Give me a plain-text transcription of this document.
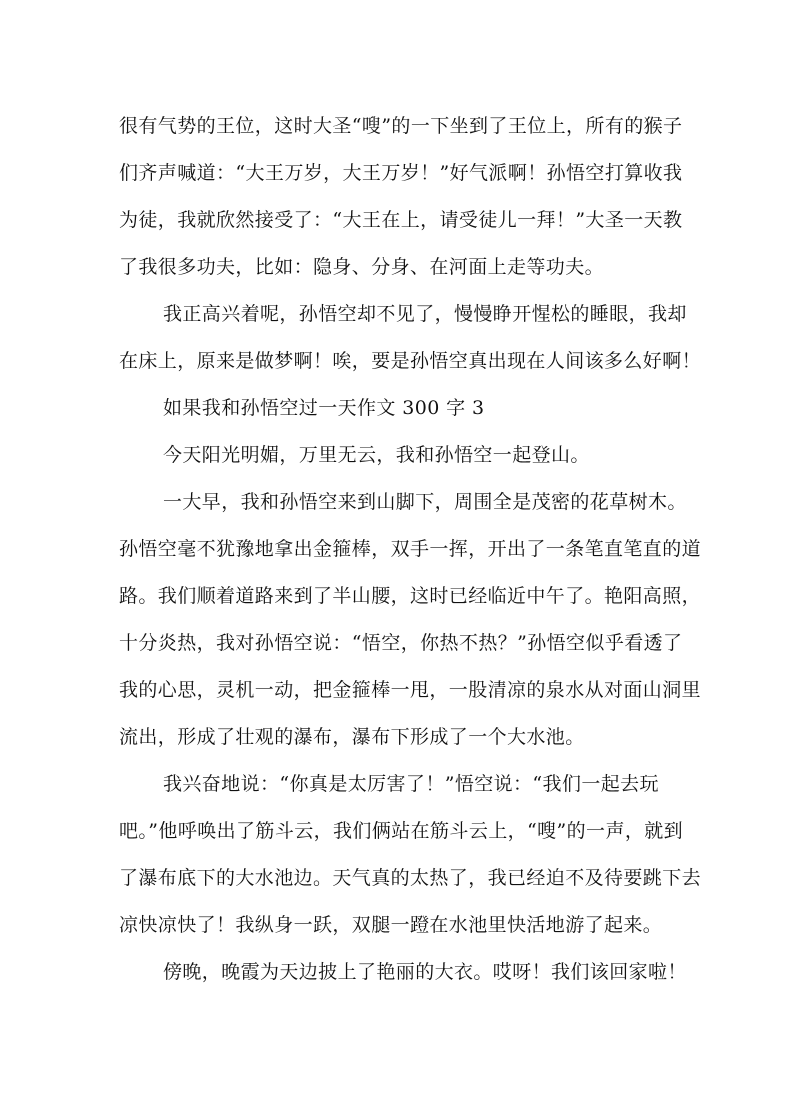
很有气势的王位，这时大圣“嗖”的一下坐到了王位上，所有的猴子
们齐声喊道：“大王万岁，大王万岁！”好气派啊！孙悟空打算收我
为徒，我就欣然接受了：“大王在上，请受徒儿一拜！”大圣一天教
了我很多功夫，比如：隐身、分身、在河面上走等功夫。
我正高兴着呢，孙悟空却不见了，慢慢睁开惺松的睡眼，我却
在床上，原来是做梦啊！唉，要是孙悟空真出现在人间该多么好啊！
如果我和孙悟空过一天作文 300 字 3
今天阳光明媚，万里无云，我和孙悟空一起登山。
一大早，我和孙悟空来到山脚下，周围全是茂密的花草树木。
孙悟空毫不犹豫地拿出金箍棒，双手一挥，开出了一条笔直笔直的道
路。我们顺着道路来到了半山腰，这时已经临近中午了。艳阳高照，
十分炎热，我对孙悟空说：“悟空，你热不热？”孙悟空似乎看透了
我的心思，灵机一动，把金箍棒一甩，一股清凉的泉水从对面山洞里
流出，形成了壮观的瀑布，瀑布下形成了一个大水池。
我兴奋地说：“你真是太厉害了！”悟空说：“我们一起去玩
吧。”他呼唤出了筋斗云，我们俩站在筋斗云上，“嗖”的一声，就到
了瀑布底下的大水池边。天气真的太热了，我已经迫不及待要跳下去
凉快凉快了！我纵身一跃，双腿一蹬在水池里快活地游了起来。
傍晚，晚霞为天边披上了艳丽的大衣。哎呀！我们该回家啦！
